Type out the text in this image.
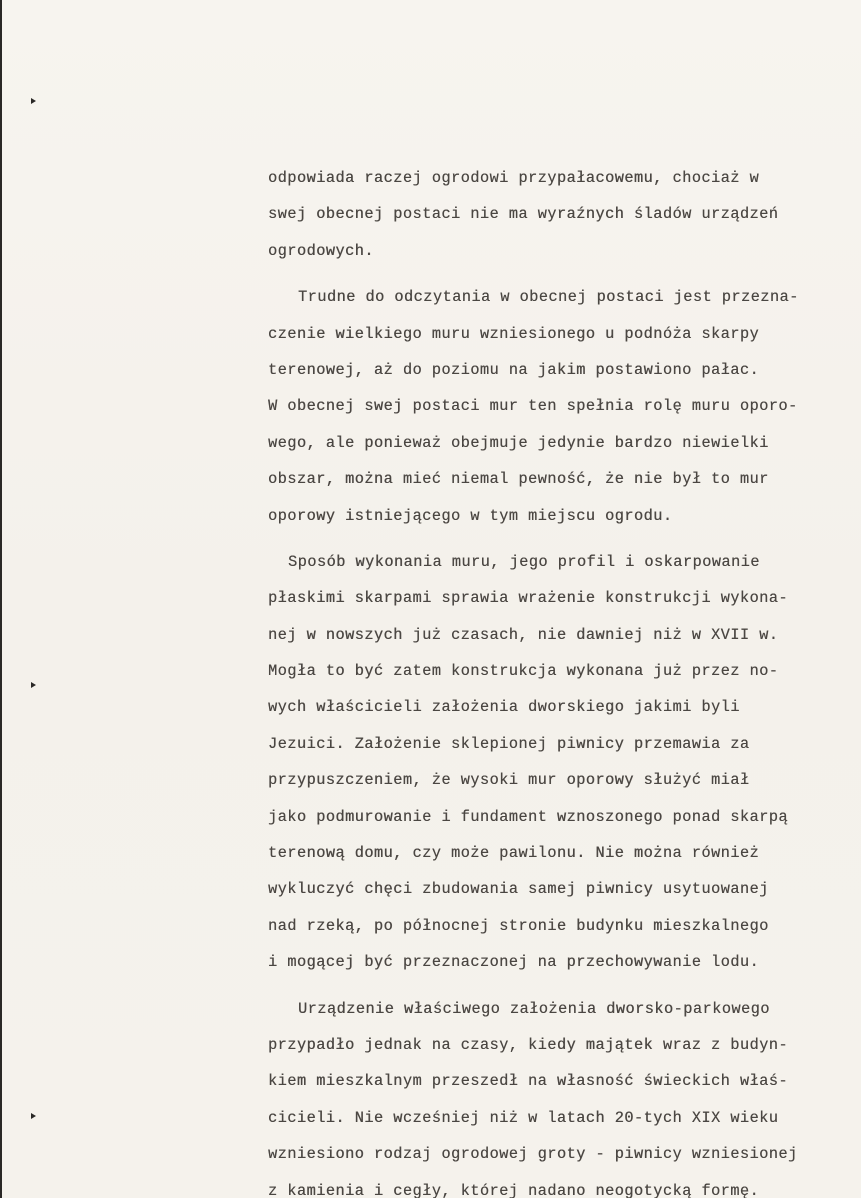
odpowiada raczej ogrodowi przypałacowemu, chociaż w
swej obecnej postaci nie ma wyraźnych śladów urządzeń
ogrodowych.
Trudne do odczytania w obecnej postaci jest przezna-
czenie wielkiego muru wzniesionego u podnóża skarpy
terenowej, aż do poziomu na jakim postawiono pałac.
W obecnej swej postaci mur ten spełnia rolę muru oporo-
wego, ale ponieważ obejmuje jedynie bardzo niewielki
obszar, można mieć niemal pewność, że nie był to mur
oporowy istniejącego w tym miejscu ogrodu.
Sposób wykonania muru, jego profil i oskarpowanie
płaskimi skarpami sprawia wrażenie konstrukcji wykona-
nej w nowszych już czasach, nie dawniej niż w XVII w.
Mogła to być zatem konstrukcja wykonana już przez no-
wych właścicieli założenia dworskiego jakimi byli
Jezuici. Założenie sklepionej piwnicy przemawia za
przypuszczeniem, że wysoki mur oporowy służyć miał
jako podmurowanie i fundament wznoszonego ponad skarpą
terenową domu, czy może pawilonu. Nie można również
wykluczyć chęci zbudowania samej piwnicy usytuowanej
nad rzeką, po północnej stronie budynku mieszkalnego
i mogącej być przeznaczonej na przechowywanie lodu.
Urządzenie właściwego założenia dworsko-parkowego
przypadło jednak na czasy, kiedy majątek wraz z budyn-
kiem mieszkalnym przeszedł na własność świeckich właś-
cicieli. Nie wcześniej niż w latach 20-tych XIX wieku
wzniesiono rodzaj ogrodowej groty - piwnicy wzniesionej
z kamienia i cegły, której nadano neogotycką formę.
